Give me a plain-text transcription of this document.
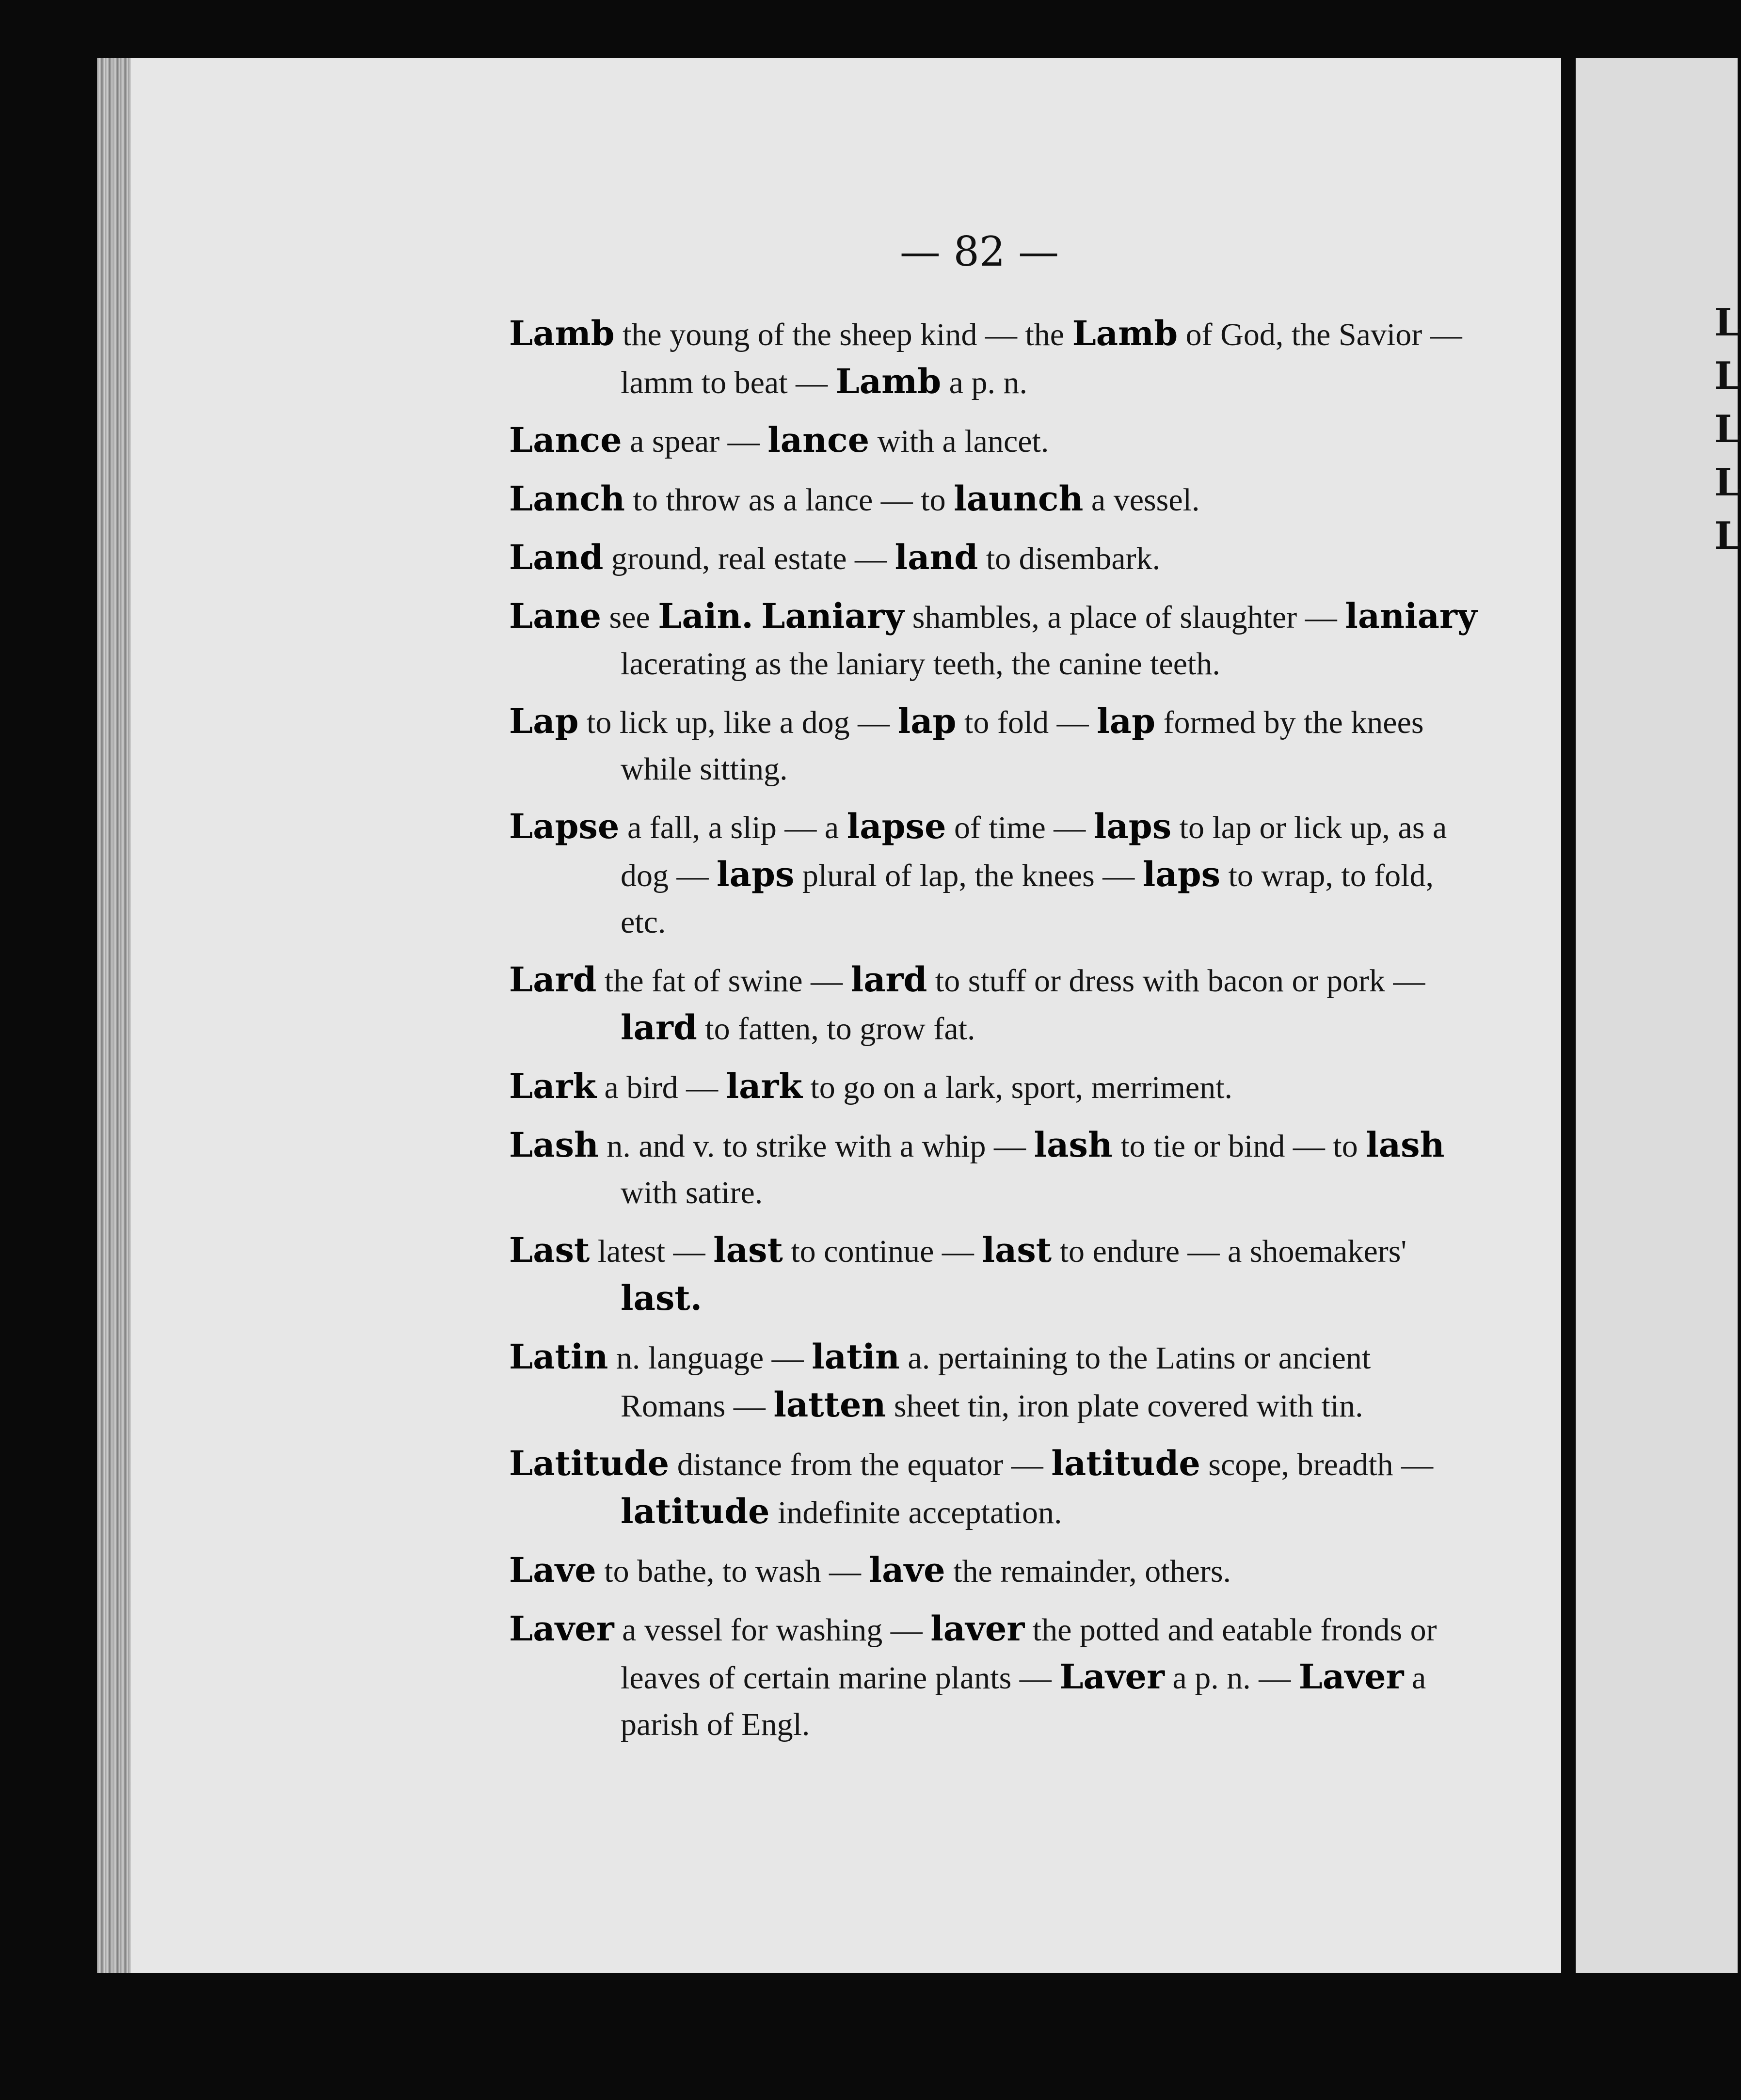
L
L
L
L
L
— 82 —

Lamb the young of the sheep kind — the Lamb of God, the Savior — lamm to beat — Lamb a p. n.

Lance a spear — lance with a lancet.

Lanch to throw as a lance — to launch a vessel.

Land ground, real estate — land to disembark.

Lane see Lain. Laniary shambles, a place of slaughter — laniary lacerating as the laniary teeth, the canine teeth.

Lap to lick up, like a dog — lap to fold — lap formed by the knees while sitting.

Lapse a fall, a slip — a lapse of time — laps to lap or lick up, as a dog — laps plural of lap, the knees — laps to wrap, to fold, etc.

Lard the fat of swine — lard to stuff or dress with bacon or pork — lard to fatten, to grow fat.

Lark a bird — lark to go on a lark, sport, merriment.

Lash n. and v. to strike with a whip — lash to tie or bind — to lash with satire.

Last latest — last to continue — last to endure — a shoemakers' last.

Latin n. language — latin a. pertaining to the Latins or ancient Romans — latten sheet tin, iron plate covered with tin.

Latitude distance from the equator — latitude scope, breadth — latitude indefinite acceptation.

Lave to bathe, to wash — lave the remainder, others.

Laver a vessel for washing — laver the potted and eatable fronds or leaves of certain marine plants — Laver a p. n. — Laver a parish of Engl.
